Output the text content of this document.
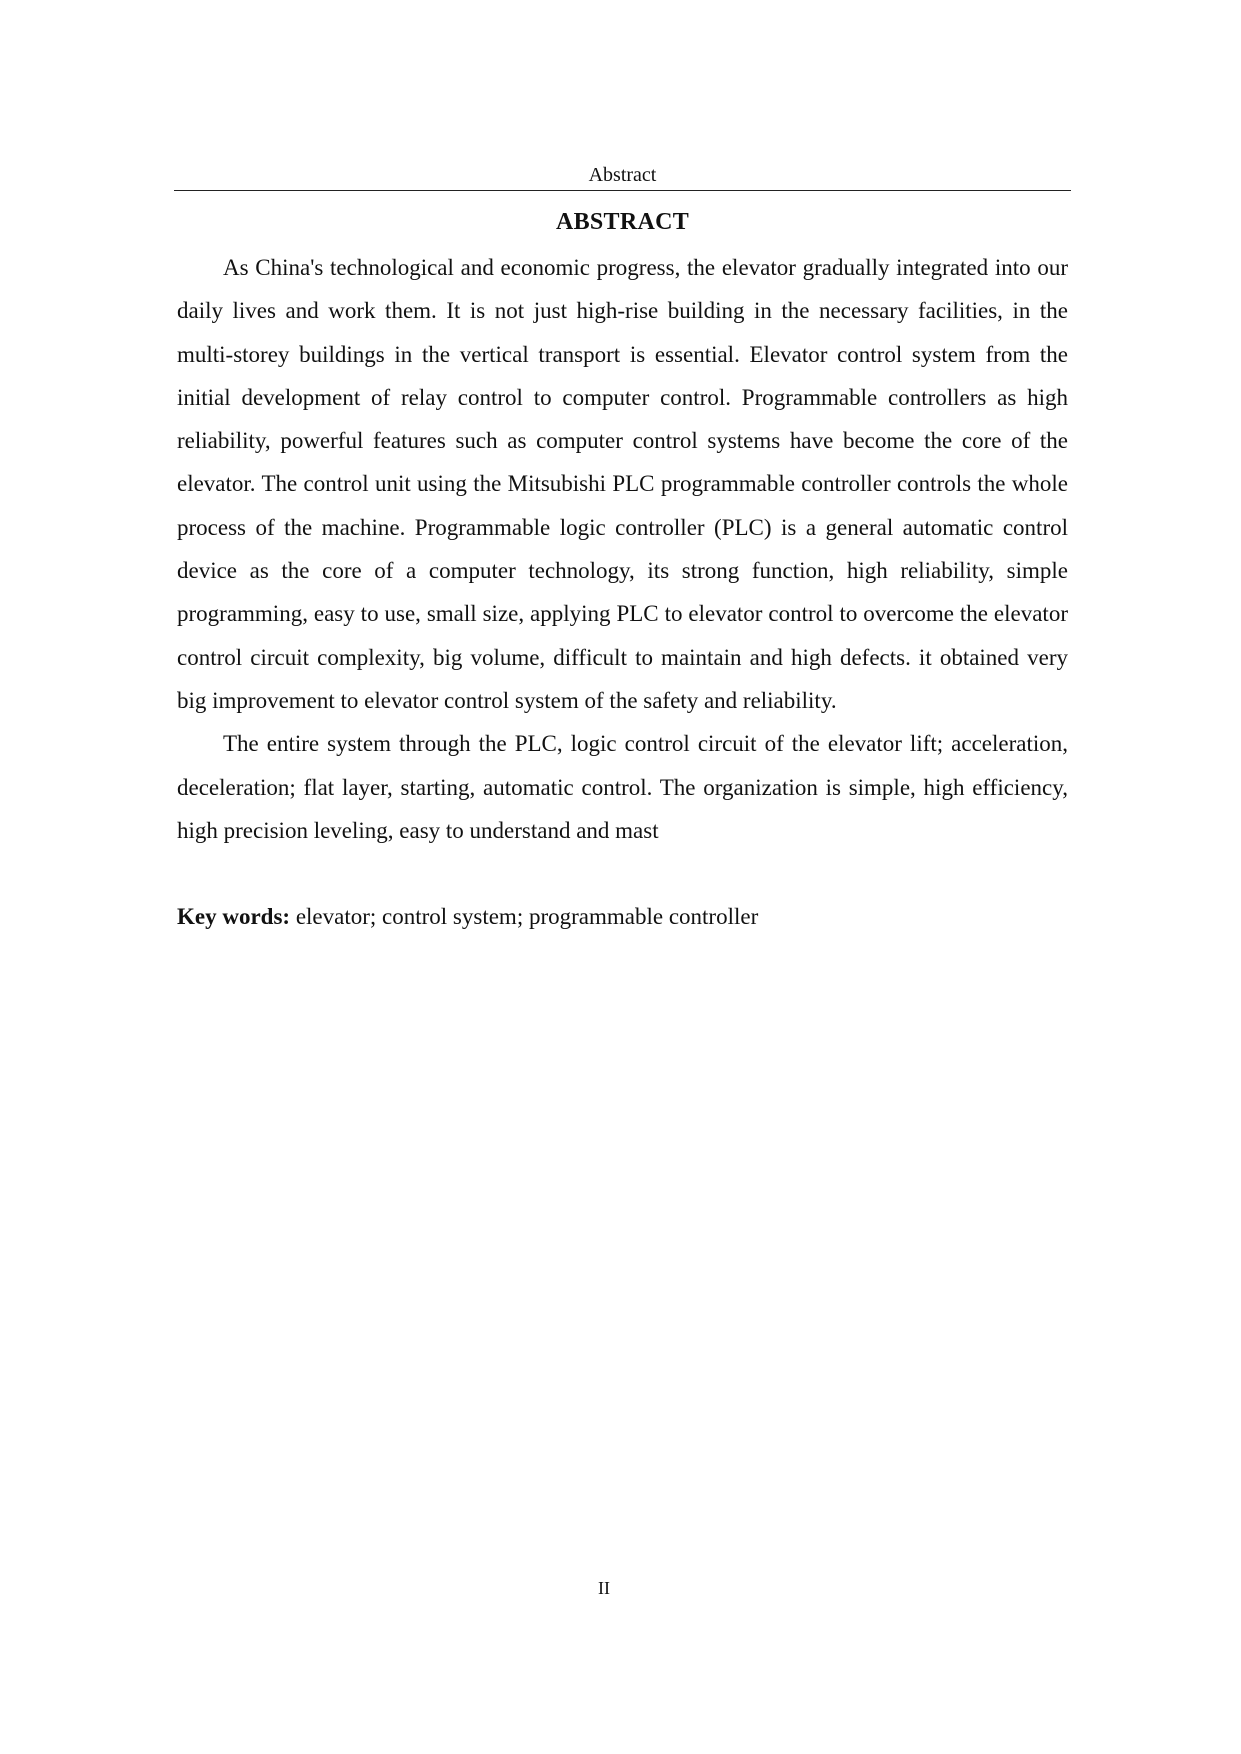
Abstract
ABSTRACT

As China's technological and economic progress, the elevator gradually integrated into our daily lives and work them. It is not just high-rise building in the necessary facilities, in the multi-storey buildings in the vertical transport is essential. Elevator control system from the initial development of relay control to computer control. Programmable controllers as high reliability, powerful features such as computer control systems have become the core of the elevator. The control unit using the Mitsubishi PLC programmable controller controls the whole process of the machine. Programmable logic controller (PLC) is a general automatic control device as the core of a computer technology, its strong function, high reliability, simple programming, easy to use, small size, applying PLC to elevator control to overcome the elevator control circuit complexity, big volume, difficult to maintain and high defects. it obtained very big improvement to elevator control system of the safety and reliability.

The entire system through the PLC, logic control circuit of the elevator lift; acceleration, deceleration; flat layer, starting, automatic control. The organization is simple, high efficiency, high precision leveling, easy to understand and mast

Key words: elevator; control system; programmable controller
II
